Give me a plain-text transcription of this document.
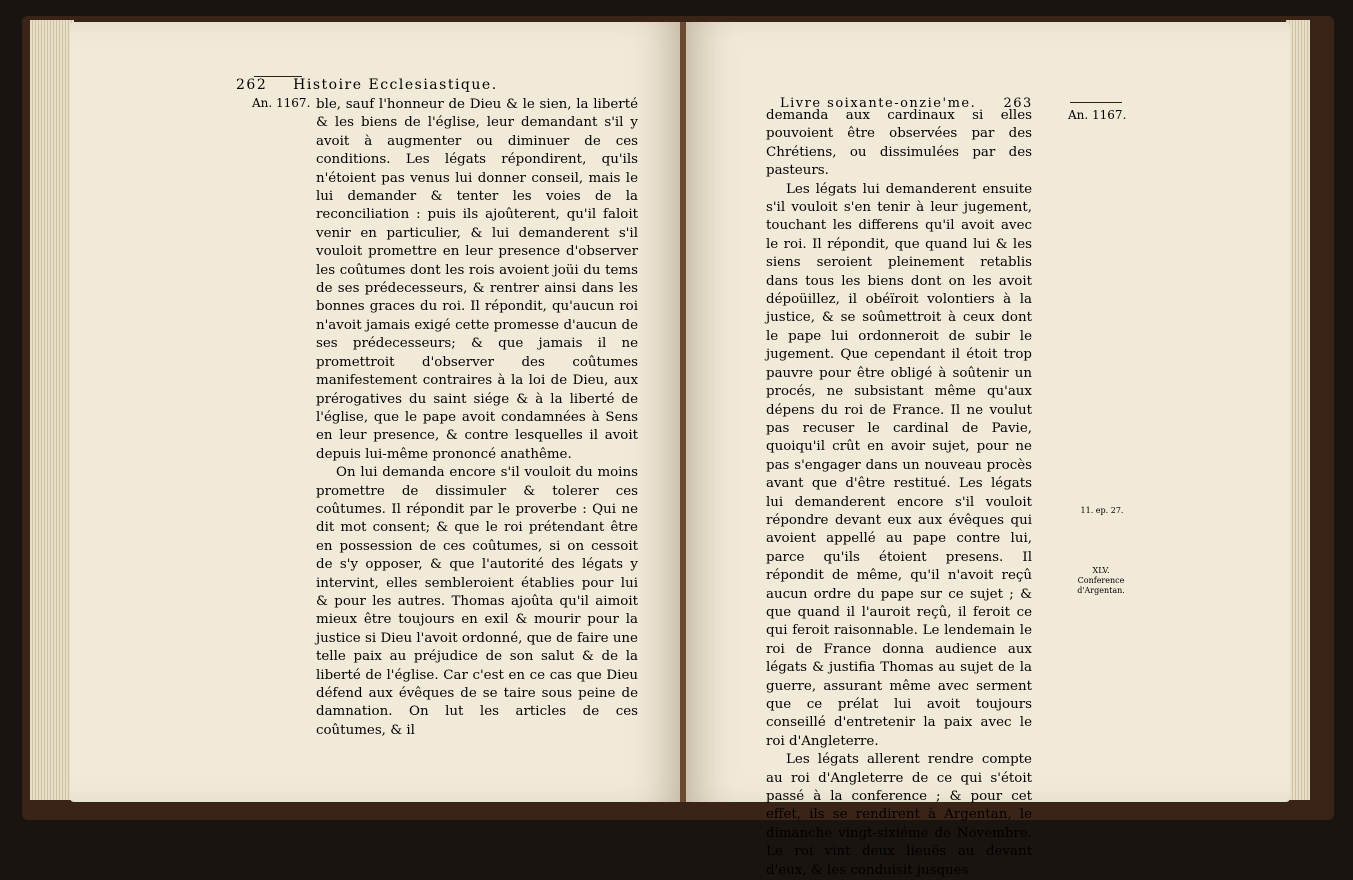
262 Histoire Ecclesiastique.
An. 1167. ble, sauf l'honneur de Dieu & le sien, la liberté & les biens de l'église, leur demandant s'il y avoit à augmenter ou diminuer de ces conditions. Les légats répondirent, qu'ils n'étoient pas venus lui donner conseil, mais le lui demander & tenter les voies de la reconciliation : puis ils ajoûterent, qu'il faloit venir en particulier, & lui demanderent s'il vouloit promettre en leur presence d'observer les coûtumes dont les rois avoient joüi du tems de ses prédecesseurs, & rentrer ainsi dans les bonnes graces du roi. Il répondit, qu'aucun roi n'avoit jamais exigé cette promesse d'aucun de ses prédecesseurs; & que jamais il ne promettroit d'observer des coûtumes manifestement contraires à la loi de Dieu, aux prérogatives du saint siége & à la liberté de l'église, que le pape avoit condamnées à Sens en leur presence, & contre lesquelles il avoit depuis lui-même prononcé anathême.

On lui demanda encore s'il vouloit du moins promettre de dissimuler & tolerer ces coûtumes. Il répondit par le proverbe : Qui ne dit mot consent; & que le roi prétendant être en possession de ces coûtumes, si on cessoit de s'y opposer, & que l'autorité des légats y intervint, elles sembleroient établies pour lui & pour les autres. Thomas ajoûta qu'il aimoit mieux être toujours en exil & mourir pour la justice si Dieu l'avoit ordonné, que de faire une telle paix au préjudice de son salut & de la liberté de l'église. Car c'est en ce cas que Dieu défend aux évêques de se taire sous peine de damnation. On lut les articles de ces coûtumes, & il

Livre soixante-onzie'me. 263
An. 1167.
11. ep. 27.
XLV.
Conference
d'Argentan.

demanda aux cardinaux si elles pouvoient être observées par des Chrétiens, ou dissimulées par des pasteurs.

Les légats lui demanderent ensuite s'il vouloit s'en tenir à leur jugement, touchant les differens qu'il avoit avec le roi. Il répondit, que quand lui & les siens seroient pleinement retablis dans tous les biens dont on les avoit dépoüillez, il obéïroit volontiers à la justice, & se soûmettroit à ceux dont le pape lui ordonneroit de subir le jugement. Que cependant il étoit trop pauvre pour être obligé à soûtenir un procés, ne subsistant même qu'aux dépens du roi de France. Il ne voulut pas recuser le cardinal de Pavie, quoiqu'il crût en avoir sujet, pour ne pas s'engager dans un nouveau procès avant que d'être restitué. Les légats lui demanderent encore s'il vouloit répondre devant eux aux évêques qui avoient appellé au pape contre lui, parce qu'ils étoient presens. Il répondit de même, qu'il n'avoit reçû aucun ordre du pape sur ce sujet ; & que quand il l'auroit reçû, il feroit ce qui feroit raisonnable. Le lendemain le roi de France donna audience aux légats & justifia Thomas au sujet de la guerre, assurant même avec serment que ce prélat lui avoit toujours conseillé d'entretenir la paix avec le roi d'Angleterre.

Les légats allerent rendre compte au roi d'Angleterre de ce qui s'étoit passé à la conference ; & pour cet effet, ils se rendirent à Argentan, le dimanche vingt-sixiéme de Novembre. Le roi vint deux lieuës au devant d'eux, & les conduisit jusques
